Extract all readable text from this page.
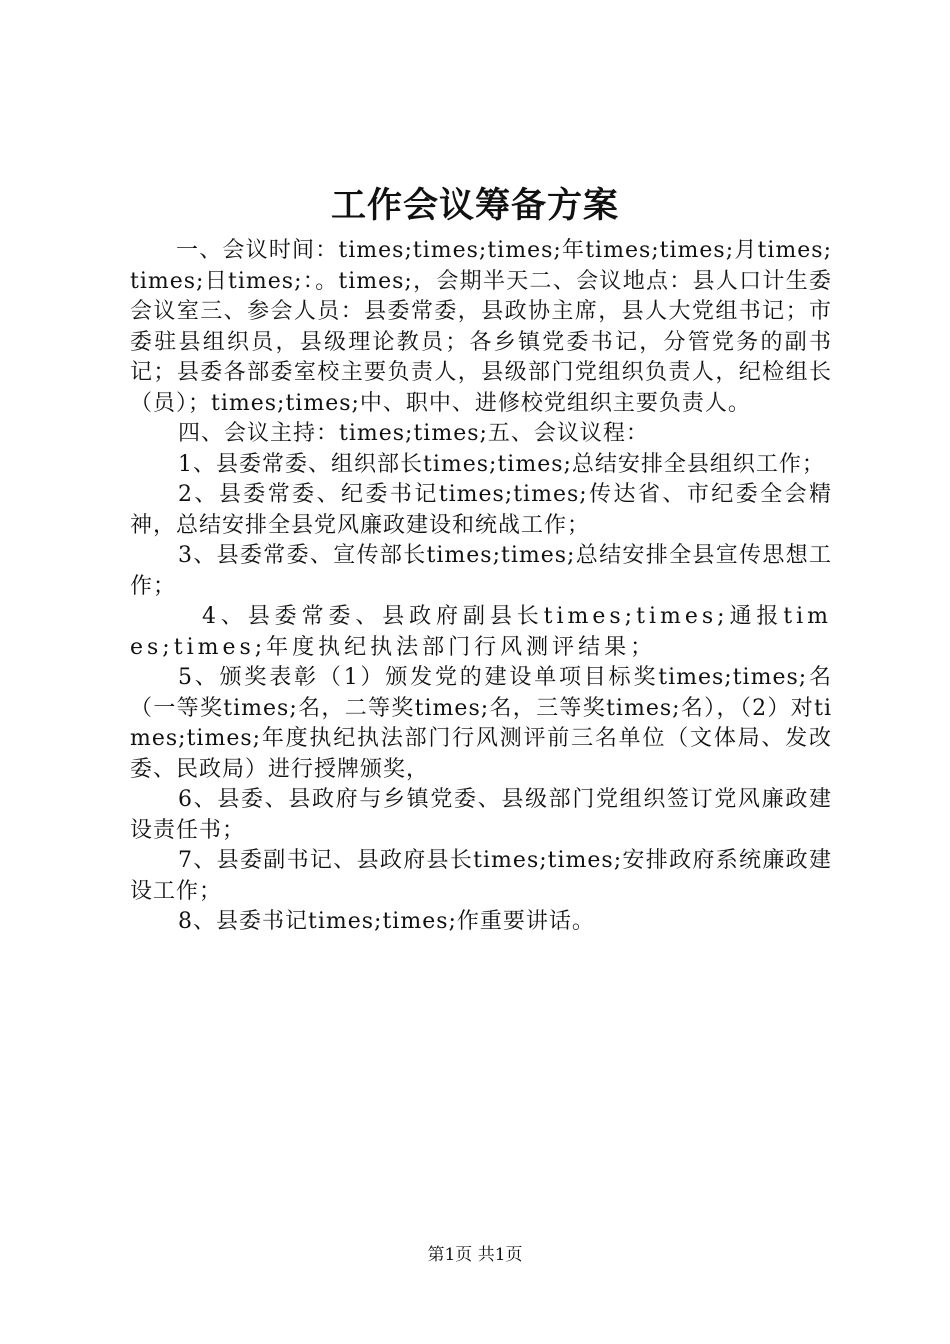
工作会议筹备方案

一、会议时间：times;times;times;年times;times;月times;times;日times;：。times;，会期半天二、会议地点：县人口计生委会议室三、参会人员：县委常委，县政协主席，县人大党组书记；市委驻县组织员，县级理论教员；各乡镇党委书记，分管党务的副书记；县委各部委室校主要负责人，县级部门党组织负责人，纪检组长（员）；times;times;中、职中、进修校党组织主要负责人。

四、会议主持：times;times;五、会议议程：

1、县委常委、组织部长times;times;总结安排全县组织工作；

2、县委常委、纪委书记times;times;传达省、市纪委全会精神，总结安排全县党风廉政建设和统战工作；

3、县委常委、宣传部长times;times;总结安排全县宣传思想工作；

4、县委常委、县政府副县长times;times;通报times;times;年度执纪执法部门行风测评结果；

5、颁奖表彰（1）颁发党的建设单项目标奖times;times;名（一等奖times;名，二等奖times;名，三等奖times;名），（2）对times;times;年度执纪执法部门行风测评前三名单位（文体局、发改委、民政局）进行授牌颁奖，

6、县委、县政府与乡镇党委、县级部门党组织签订党风廉政建设责任书；

7、县委副书记、县政府县长times;times;安排政府系统廉政建设工作；

8、县委书记times;times;作重要讲话。

第1页 共1页
